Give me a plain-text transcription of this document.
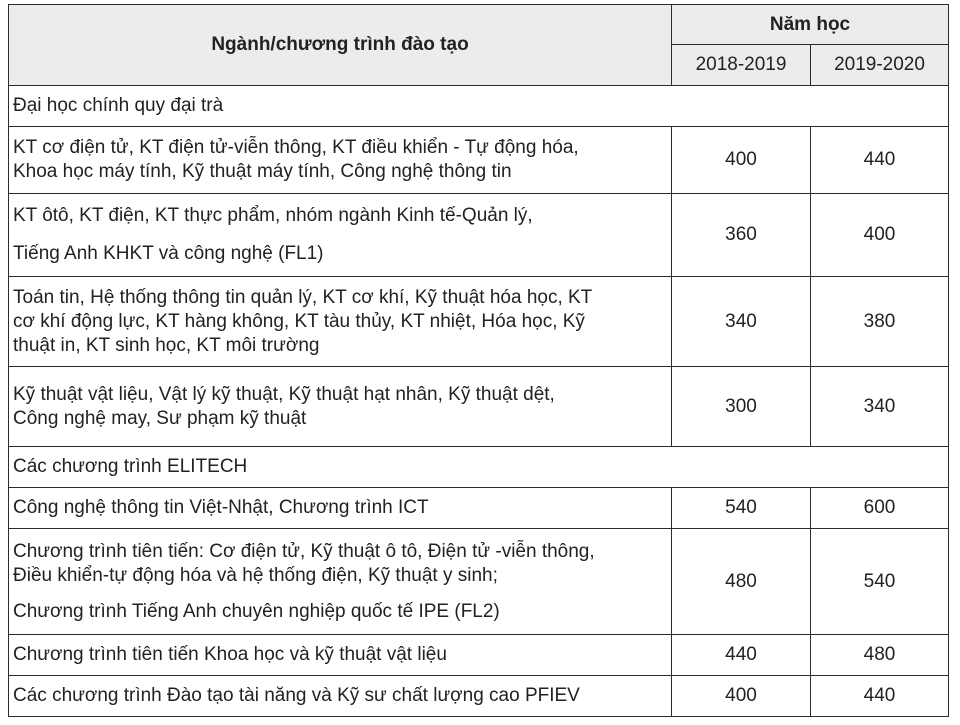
Ngành/chương trình đào tạo	Năm học	
	2018-2019	2019-2020
Đại học chính quy đại trà		

KT cơ điện tử, KT điện tử-viễn thông, KT điều khiển - Tự động hóa,
Khoa học máy tính, Kỹ thuật máy tính, Công nghệ thông tin	400	440

KT ôtô, KT điện, KT thực phẩm, nhóm ngành Kinh tế-Quản lý,
Tiếng Anh KHKT và công nghệ (FL1)	360	400

Toán tin, Hệ thống thông tin quản lý, KT cơ khí, Kỹ thuật hóa học, KT
cơ khí động lực, KT hàng không, KT tàu thủy, KT nhiệt, Hóa học, Kỹ
thuật in, KT sinh học, KT môi trường	340	380

Kỹ thuật vật liệu, Vật lý kỹ thuật, Kỹ thuật hạt nhân, Kỹ thuật dệt,
Công nghệ may, Sư phạm kỹ thuật	300	340
Các chương trình ELITECH		

Công nghệ thông tin Việt-Nhật, Chương trình ICT	540	600

Chương trình tiên tiến: Cơ điện tử, Kỹ thuật ô tô, Điện tử -viễn thông,
Điều khiển-tự động hóa và hệ thống điện, Kỹ thuật y sinh;
Chương trình Tiếng Anh chuyên nghiệp quốc tế IPE (FL2)	480	540

Chương trình tiên tiến Khoa học và kỹ thuật vật liệu	440	480

Các chương trình Đào tạo tài năng và Kỹ sư chất lượng cao PFIEV	400	440
